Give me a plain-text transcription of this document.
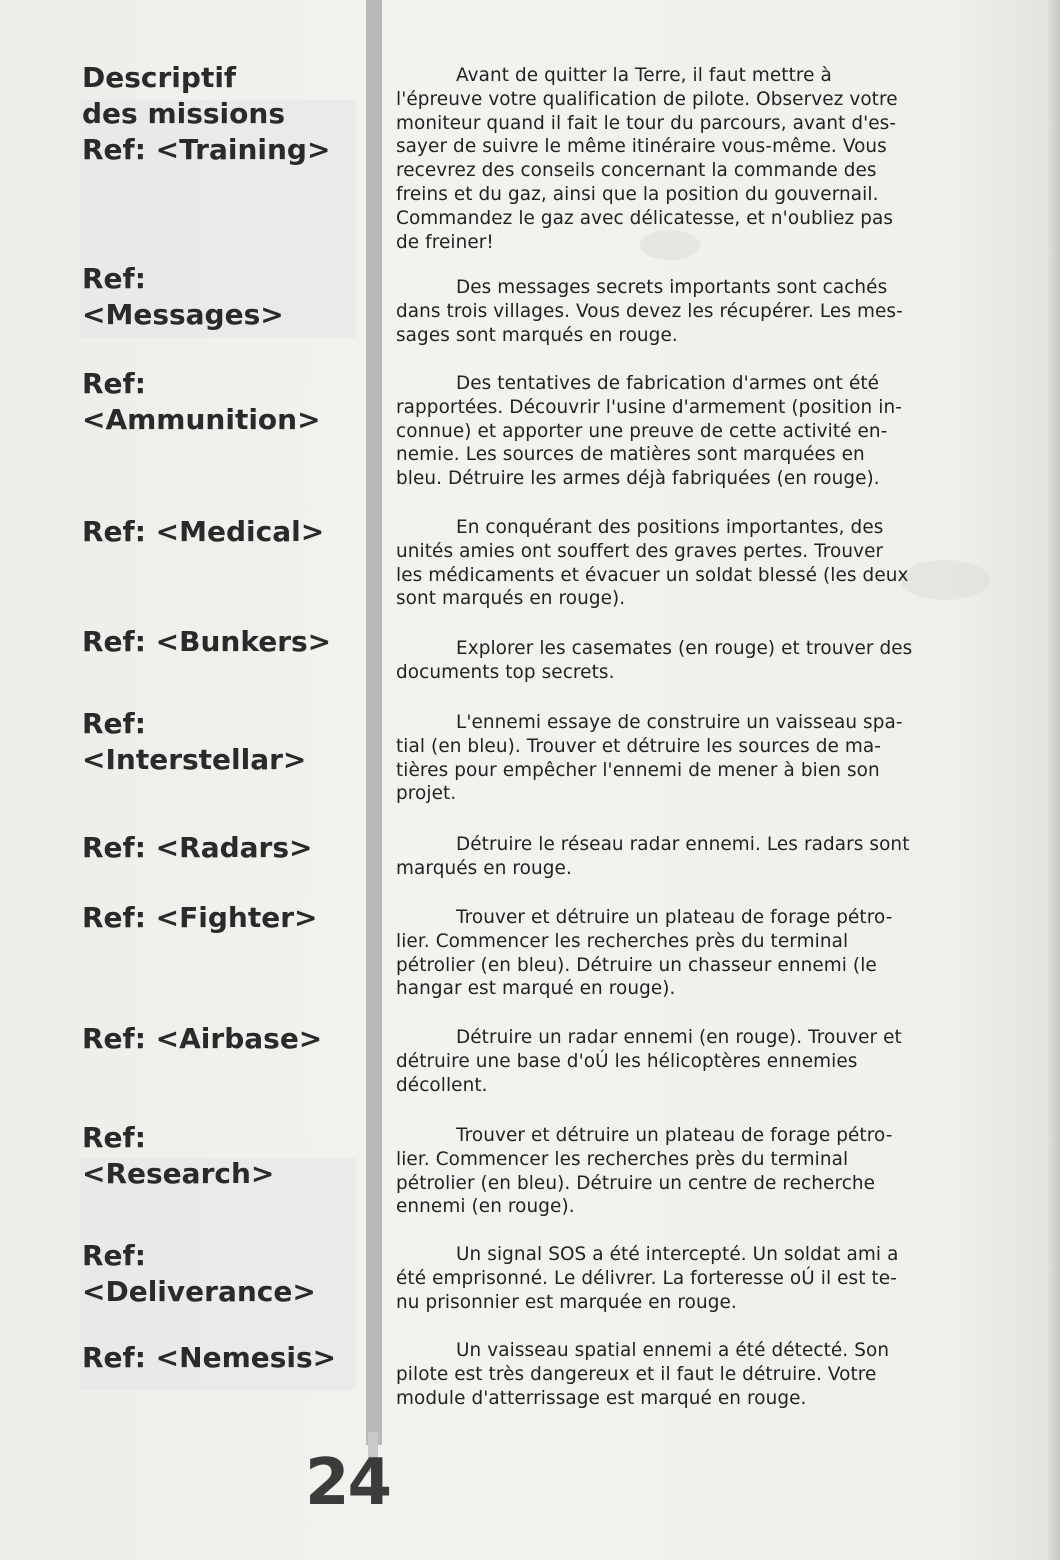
Descriptif
des missions
Ref: <Training>

Avant de quitter la Terre, il faut mettre à
l'épreuve votre qualification de pilote. Observez votre
moniteur quand il fait le tour du parcours, avant d'es-
sayer de suivre le même itinéraire vous-même. Vous
recevrez des conseils concernant la commande des
freins et du gaz, ainsi que la position du gouvernail.
Commandez le gaz avec délicatesse, et n'oubliez pas
de freiner!

Ref:
<Messages>

Des messages secrets importants sont cachés
dans trois villages. Vous devez les récupérer. Les mes-
sages sont marqués en rouge.

Ref:
<Ammunition>

Des tentatives de fabrication d'armes ont été
rapportées. Découvrir l'usine d'armement (position in-
connue) et apporter une preuve de cette activité en-
nemie. Les sources de matières sont marquées en
bleu. Détruire les armes déjà fabriquées (en rouge).

Ref: <Medical>	En conquérant des positions importantes, des
unités amies ont souffert des graves pertes. Trouver
les médicaments et évacuer un soldat blessé (les deux
sont marqués en rouge).

Ref: <Bunkers>	Explorer les casemates (en rouge) et trouver des
documents top secrets.

Ref:
<Interstellar>

L'ennemi essaye de construire un vaisseau spa-
tial (en bleu). Trouver et détruire les sources de ma-
tières pour empêcher l'ennemi de mener à bien son
projet.

Ref: <Radars>	Détruire le réseau radar ennemi. Les radars sont
marqués en rouge.

Ref: <Fighter>	Trouver et détruire un plateau de forage pétro-
lier. Commencer les recherches près du terminal
pétrolier (en bleu). Détruire un chasseur ennemi (le
hangar est marqué en rouge).

Ref: <Airbase>	Détruire un radar ennemi (en rouge). Trouver et
détruire une base d'oÚ les hélicoptères ennemies
décollent.

Ref:
<Research>

Trouver et détruire un plateau de forage pétro-
lier. Commencer les recherches près du terminal
pétrolier (en bleu). Détruire un centre de recherche
ennemi (en rouge).

Ref:
<Deliverance>

Un signal SOS a été intercepté. Un soldat ami a
été emprisonné. Le délivrer. La forteresse oÚ il est te-
nu prisonnier est marquée en rouge.

Ref: <Nemesis>	Un vaisseau spatial ennemi a été détecté. Son
pilote est très dangereux et il faut le détruire. Votre
module d'atterrissage est marqué en rouge.

24
